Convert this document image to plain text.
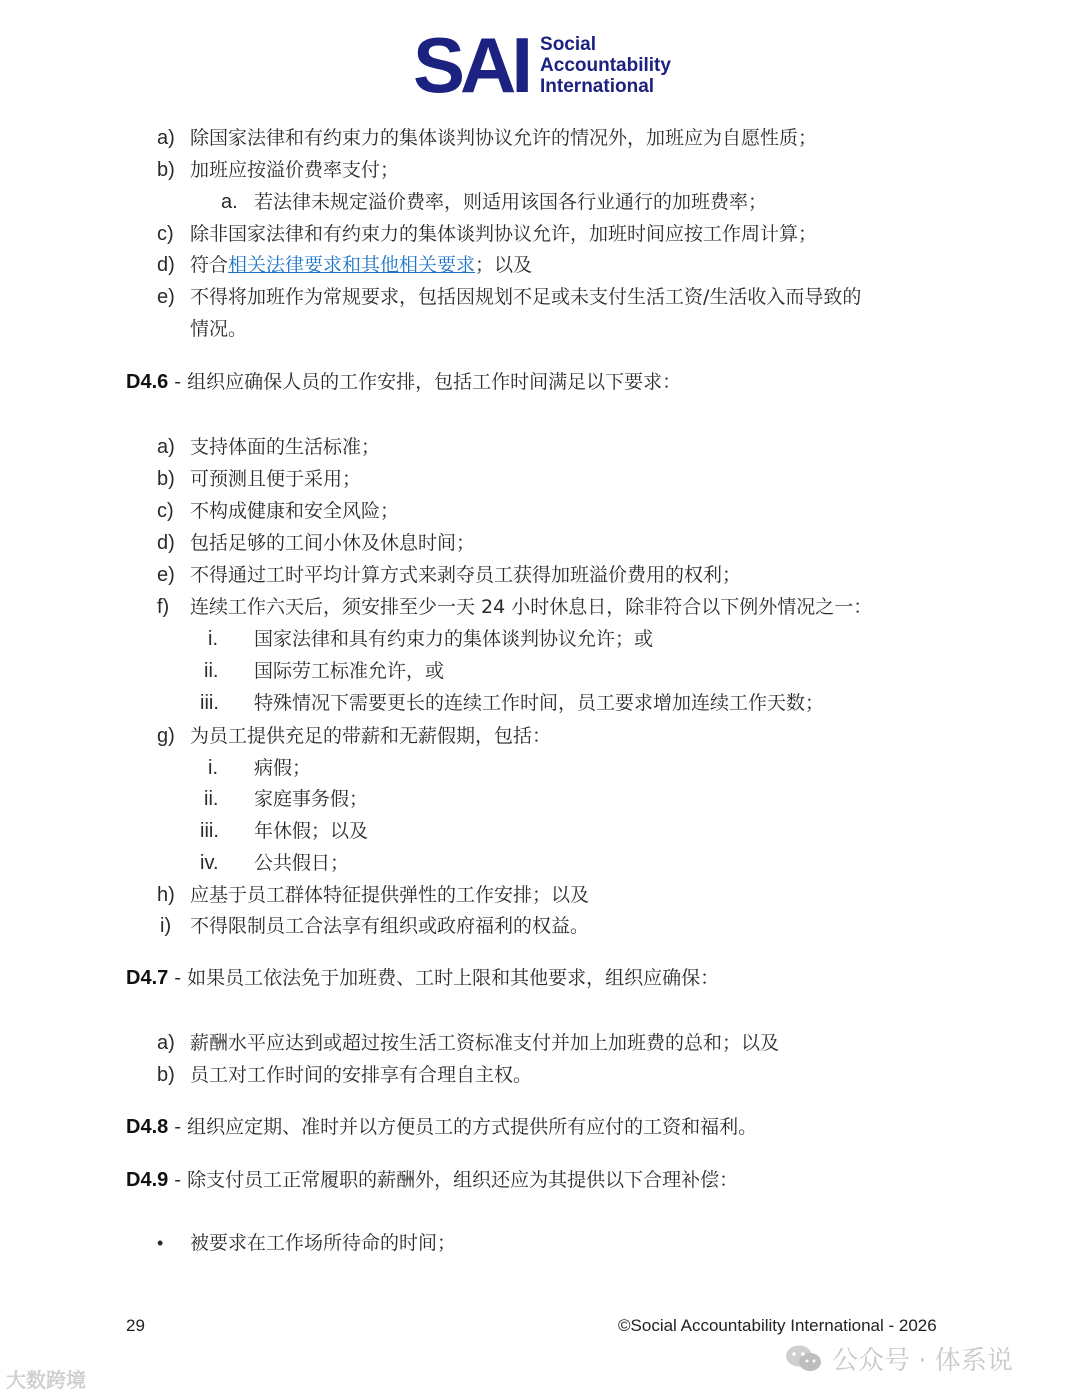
SAI Social
Accountability
International
a) 除国家法律和有约束力的集体谈判协议允许的情况外，加班应为自愿性质；
b) 加班应按溢价费率支付；
a. 若法律未规定溢价费率，则适用该国各行业通行的加班费率；
c) 除非国家法律和有约束力的集体谈判协议允许，加班时间应按工作周计算；
d) 符合相关法律要求和其他相关要求；以及
e) 不得将加班作为常规要求，包括因规划不足或未支付生活工资/生活收入而导致的
情况。
D4.6 - 组织应确保人员的工作安排，包括工作时间满足以下要求：
a) 支持体面的生活标准；
b) 可预测且便于采用；
c) 不构成健康和安全风险；
d) 包括足够的工间小休及休息时间；
e) 不得通过工时平均计算方式来剥夺员工获得加班溢价费用的权利；
f) 连续工作六天后，须安排至少一天 24 小时休息日，除非符合以下例外情况之一：
i. 国家法律和具有约束力的集体谈判协议允许；或
ii. 国际劳工标准允许，或
iii. 特殊情况下需要更长的连续工作时间，员工要求增加连续工作天数；
g) 为员工提供充足的带薪和无薪假期，包括：
i. 病假；
ii. 家庭事务假；
iii. 年休假；以及
iv. 公共假日；
h) 应基于员工群体特征提供弹性的工作安排；以及
i) 不得限制员工合法享有组织或政府福利的权益。
D4.7 - 如果员工依法免于加班费、工时上限和其他要求，组织应确保：
a) 薪酬水平应达到或超过按生活工资标准支付并加上加班费的总和；以及
b) 员工对工作时间的安排享有合理自主权。
D4.8 - 组织应定期、准时并以方便员工的方式提供所有应付的工资和福利。
D4.9 - 除支付员工正常履职的薪酬外，组织还应为其提供以下合理补偿：
• 被要求在工作场所待命的时间；
29	©Social Accountability International - 2026
大数跨境
公众号 · 体系说
